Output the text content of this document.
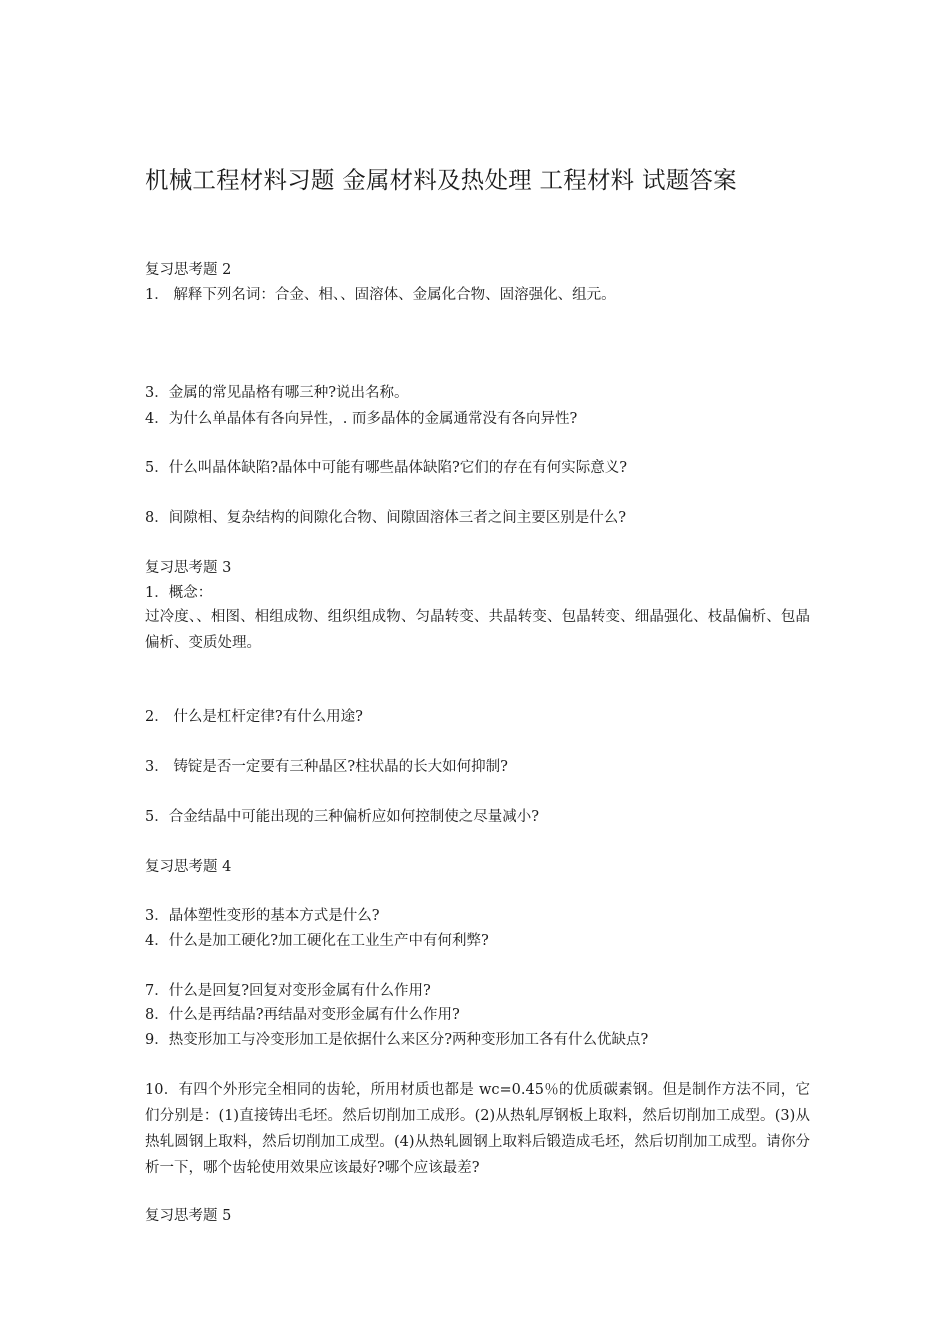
机械工程材料习题 金属材料及热处理 工程材料 试题答案
复习思考题 2
1． 解释下列名词：合金、相、、固溶体、金属化合物、固溶强化、组元。
3．金属的常见晶格有哪三种?说出名称。
4．为什么单晶体有各向异性，. 而多晶体的金属通常没有各向异性?
5．什么叫晶体缺陷?晶体中可能有哪些晶体缺陷?它们的存在有何实际意义?
8．间隙相、复杂结构的间隙化合物、间隙固溶体三者之间主要区别是什么?
复习思考题 3
1．概念：
过冷度、、相图、相组成物、组织组成物、匀晶转变、共晶转变、包晶转变、细晶强化、枝晶偏析、包晶偏析、变质处理。
2． 什么是杠杆定律?有什么用途?
3． 铸锭是否一定要有三种晶区?柱状晶的长大如何抑制?
5．合金结晶中可能出现的三种偏析应如何控制使之尽量减小?
复习思考题 4
3．晶体塑性变形的基本方式是什么?
4．什么是加工硬化?加工硬化在工业生产中有何利弊?
7．什么是回复?回复对变形金属有什么作用?
8．什么是再结晶?再结晶对变形金属有什么作用?
9．热变形加工与冷变形加工是依据什么来区分?两种变形加工各有什么优缺点?
10．有四个外形完全相同的齿轮，所用材质也都是 wc=0.45％的优质碳素钢。但是制作方法不同，它们分别是：(1)直接铸出毛坯。然后切削加工成形。(2)从热轧厚钢板上取料，然后切削加工成型。(3)从热轧圆钢上取料，然后切削加工成型。(4)从热轧圆钢上取料后锻造成毛坯，然后切削加工成型。请你分析一下，哪个齿轮使用效果应该最好?哪个应该最差?
复习思考题 5
